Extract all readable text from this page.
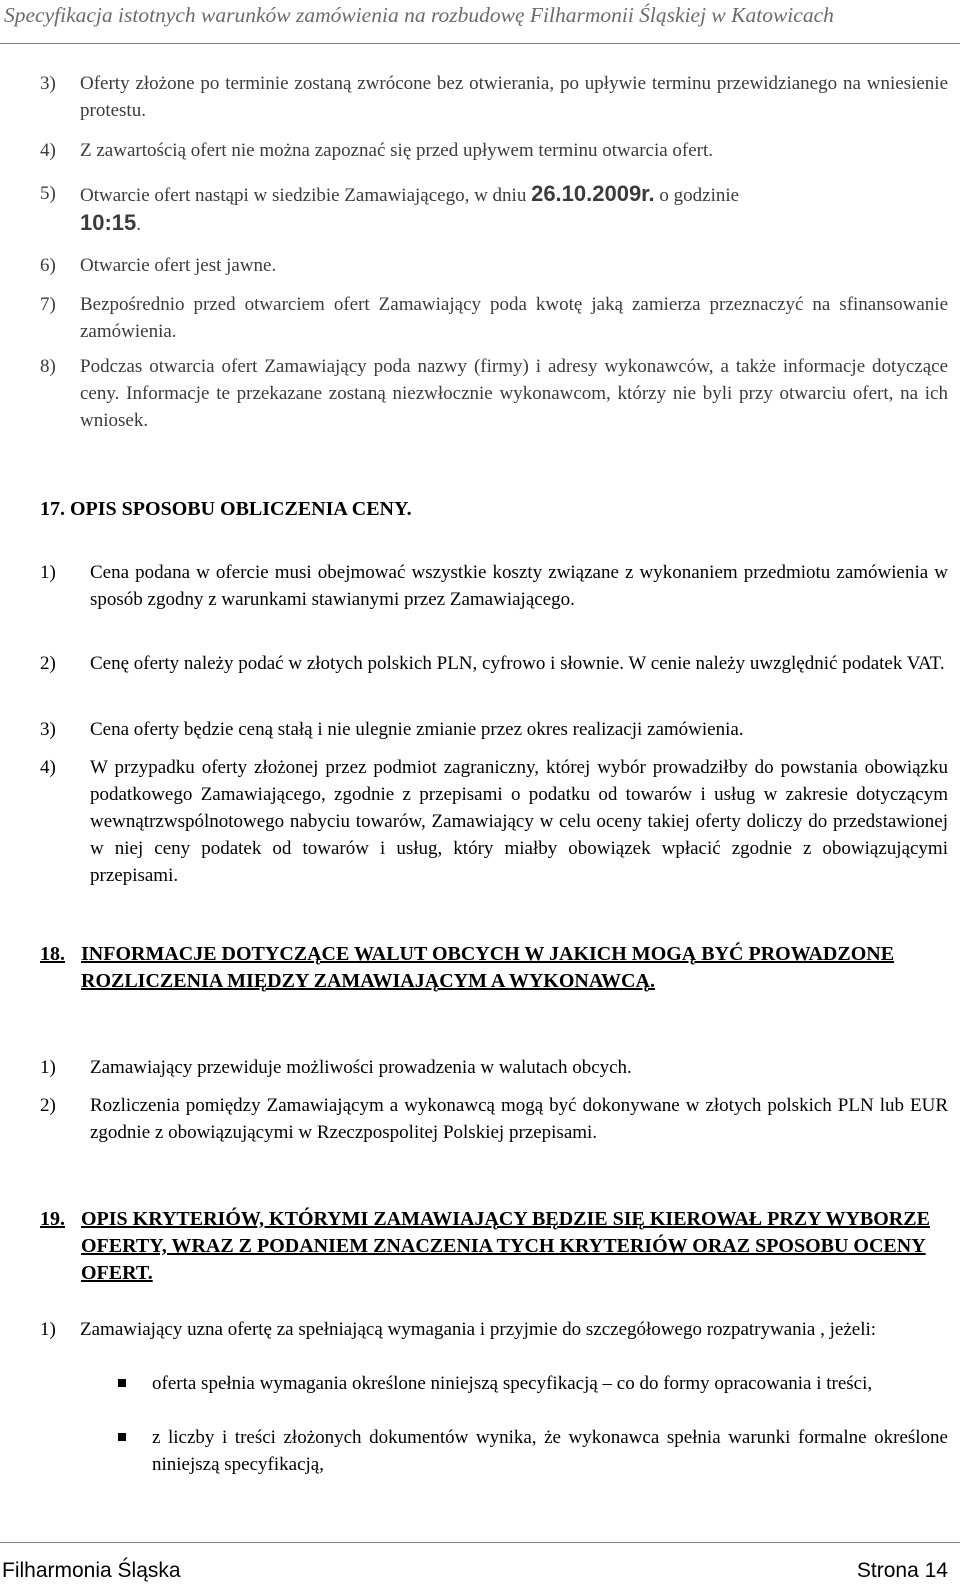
Specyfikacja istotnych warunków zamówienia na rozbudowę Filharmonii Śląskiej w Katowicach
3) Oferty złożone po terminie zostaną zwrócone bez otwierania, po upływie terminu przewidzianego na wniesienie protestu.
4) Z zawartością ofert nie można zapoznać się przed upływem terminu otwarcia ofert.
5) Otwarcie ofert nastąpi w siedzibie Zamawiającego, w dniu 26.10.2009r. o godzinie
10:15.
6) Otwarcie ofert jest jawne.
7) Bezpośrednio przed otwarciem ofert Zamawiający poda kwotę jaką zamierza przeznaczyć na sfinansowanie zamówienia.
8) Podczas otwarcia ofert Zamawiający poda nazwy (firmy) i adresy wykonawców, a także informacje dotyczące ceny. Informacje te przekazane zostaną niezwłocznie wykonawcom, którzy nie byli przy otwarciu ofert, na ich wniosek.
17. OPIS SPOSOBU OBLICZENIA CENY.
1) Cena podana w ofercie musi obejmować wszystkie koszty związane z wykonaniem przedmiotu zamówienia w sposób zgodny z warunkami stawianymi przez Zamawiającego.
2) Cenę oferty należy podać w złotych polskich PLN, cyfrowo i słownie. W cenie należy uwzględnić podatek VAT.
3) Cena oferty będzie ceną stałą i nie ulegnie zmianie przez okres realizacji zamówienia.
4) W przypadku oferty złożonej przez podmiot zagraniczny, której wybór prowadziłby do powstania obowiązku podatkowego Zamawiającego, zgodnie z przepisami o podatku od towarów i usług w zakresie dotyczącym wewnątrzwspólnotowego nabyciu towarów, Zamawiający w celu oceny takiej oferty doliczy do przedstawionej w niej ceny podatek od towarów i usług, który miałby obowiązek wpłacić zgodnie z obowiązującymi przepisami.
18. INFORMACJE DOTYCZĄCE WALUT OBCYCH W JAKICH MOGĄ BYĆ PROWADZONE ROZLICZENIA MIĘDZY ZAMAWIAJĄCYM A WYKONAWCĄ.
1) Zamawiający przewiduje możliwości prowadzenia w walutach obcych.
2) Rozliczenia pomiędzy Zamawiającym a wykonawcą mogą być dokonywane w złotych polskich PLN lub EUR zgodnie z obowiązującymi w Rzeczpospolitej Polskiej przepisami.
19. OPIS KRYTERIÓW, KTÓRYMI ZAMAWIAJĄCY BĘDZIE SIĘ KIEROWAŁ PRZY WYBORZE OFERTY, WRAZ Z PODANIEM ZNACZENIA TYCH KRYTERIÓW ORAZ SPOSOBU OCENY OFERT.
1) Zamawiający uzna ofertę za spełniającą wymagania i przyjmie do szczegółowego rozpatrywania , jeżeli:
oferta spełnia wymagania określone niniejszą specyfikacją – co do formy opracowania i treści,
z liczby i treści złożonych dokumentów wynika, że wykonawca spełnia warunki formalne określone niniejszą specyfikacją,
Filharmonia Śląska	Strona 14
